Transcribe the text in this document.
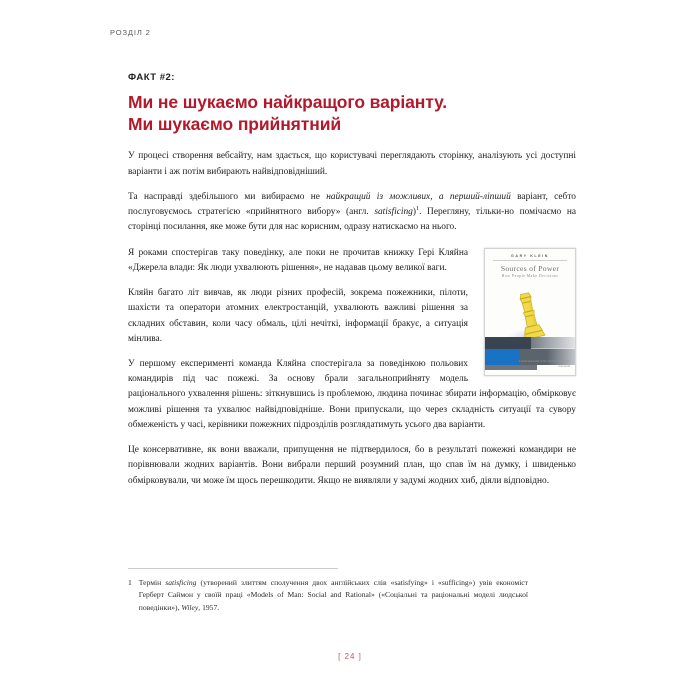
РОЗДІЛ 2
ФАКТ #2:
Ми не шукаємо найкращого варіанту.
Ми шукаємо прийнятний

У процесі створення вебсайту, нам здається, що користувачі переглядають сторінку, аналізують усі доступні варіанти і аж потім вибирають найвідповідніший.

Та насправді здебільшого ми вибираємо не найкращий із можливих, а перший-ліпший варіант, себто послуговуємось стратегією «прийнятного вибору» (англ. satisficing)$^1$. Перегляну, тільки-но помічаємо на сторінці посилання, яке може бути для нас корисним, одразу натискаємо на нього.

GARY KLEIN
Sources of Power
How People Make Decisions
A landmark study of the mind at work in the real world

Я роками спостерігав таку поведінку, але поки не прочитав книжку Гері Кляйна «Джерела влади: Як люди ухвалюють рішення», не надавав цьому великої ваги.

Кляйн багато літ вивчав, як люди різних професій, зокрема пожежники, пілоти, шахісти та оператори атомних електростанцій, ухвалюють важливі рішення за складних обставин, коли часу обмаль, цілі нечіткі, інформації бракує, а ситуація мінлива.

У першому експерименті команда Кляйна спостерігала за поведінкою польових командирів під час пожежі. За основу брали загальноприйняту модель раціонального ухвалення рішень: зіткнувшись із проблемою, людина починає збирати інформацію, обмірковує можливі рішення та ухвалює найвідповідніше. Вони припускали, що через складність ситуації та сувору обмеженість у часі, керівники пожежних підрозділів розглядатимуть усього два варіанти.

Це консервативне, як вони вважали, припущення не підтвердилося, бо в результаті пожежні командири не порівнювали жодних варіантів. Вони вибрали перший розумний план, що спав їм на думку, і швиденько обмірковували, чи може їм щось перешкодити. Якщо не виявляли у задумі жодних хиб, діяли відповідно.

1 Термін satisficing (утворений злиттям сполучення двох англійських слів «satisfying» і «sufficing») увів економіст Герберт Саймон у своїй праці «Models of Man: Social and Rational» («Соціальні та раціональні моделі людської поведінки»), Wiley, 1957.
[ 24 ]
